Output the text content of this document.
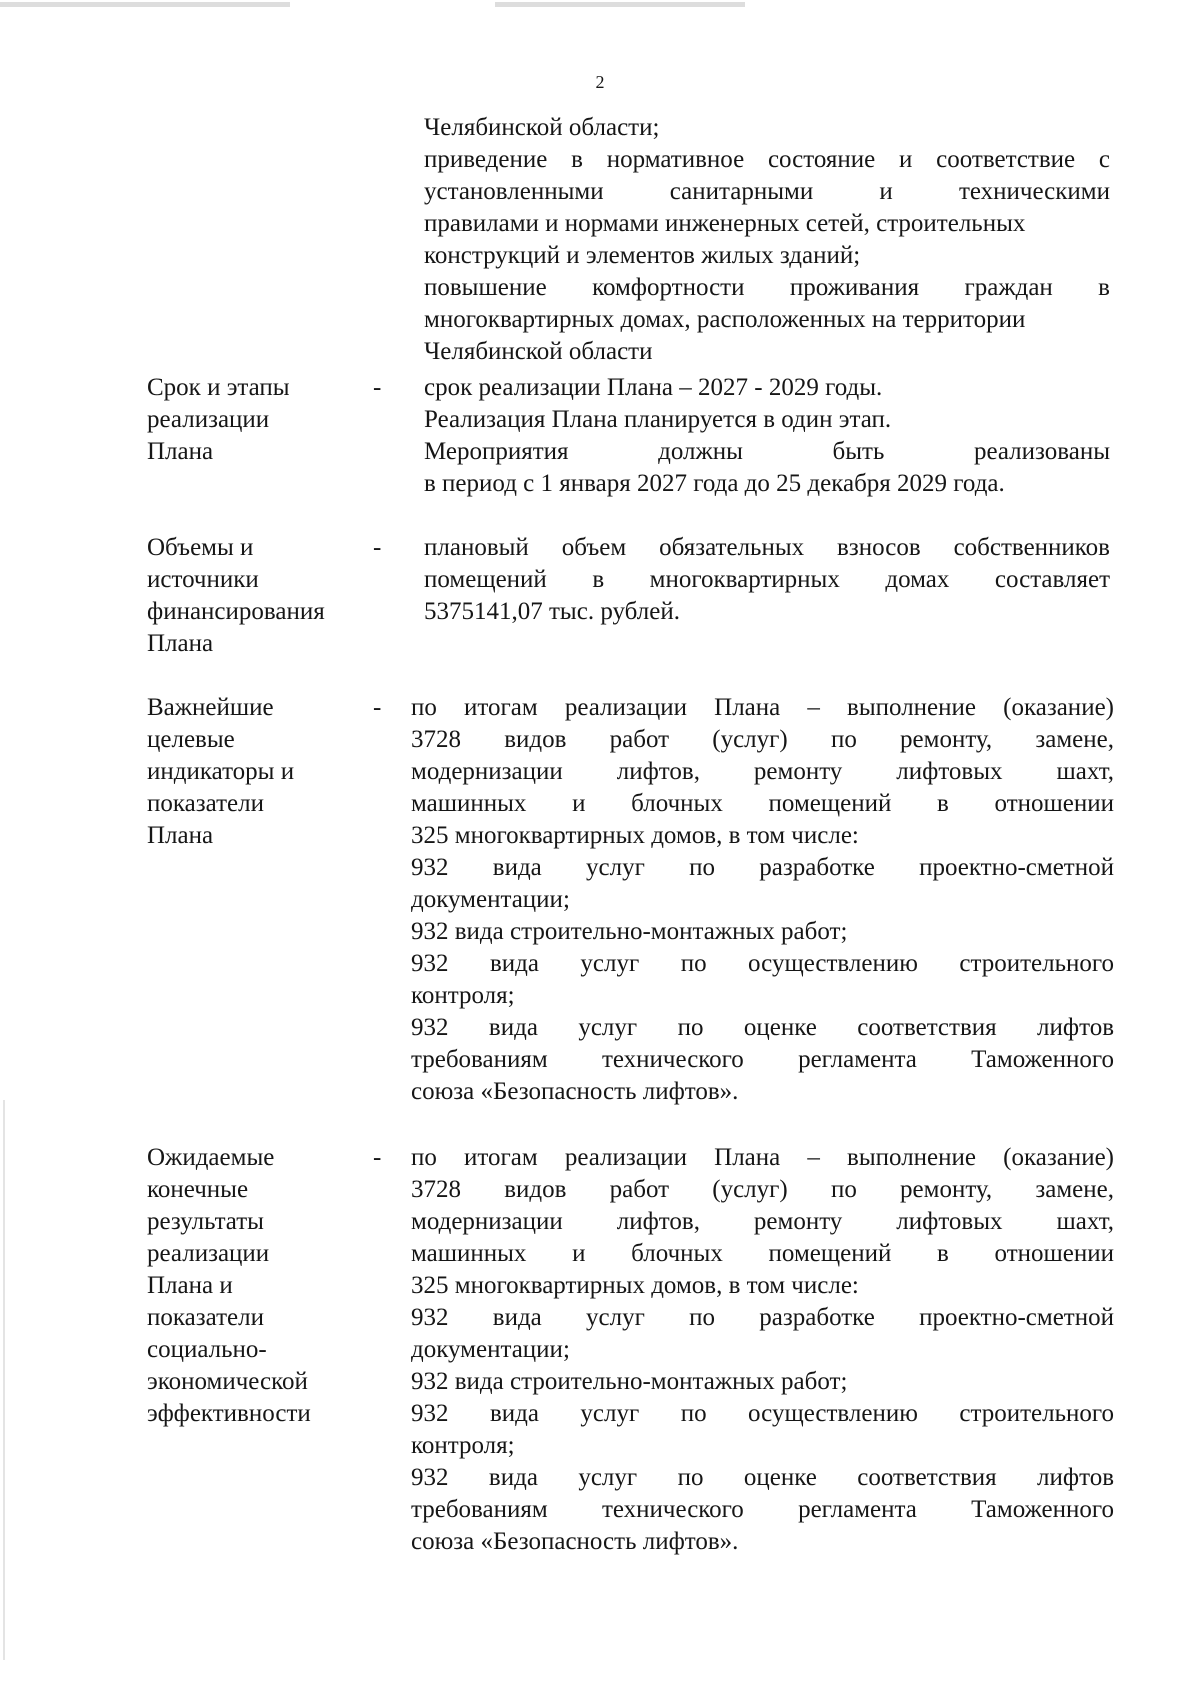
2
Челябинской области;
приведение в нормативное состояние и соответствие с
установленными санитарными и техническими
правилами и нормами инженерных сетей, строительных
конструкций и элементов жилых зданий;
повышение комфортности проживания граждан в
многоквартирных домах, расположенных на территории
Челябинской области
Срок и этапы
реализации
Плана
- срок реализации Плана – 2027 - 2029 годы.
Реализация Плана планируется в один этап.
Мероприятия должны быть реализованы
в период с 1 января 2027 года до 25 декабря 2029 года.
Объемы и
источники
финансирования
Плана
- плановый объем обязательных взносов собственников
помещений в многоквартирных домах составляет
5375141,07 тыс. рублей.
Важнейшие
целевые
индикаторы и
показатели
Плана
- по итогам реализации Плана – выполнение (оказание)
3728 видов работ (услуг) по ремонту, замене,
модернизации лифтов, ремонту лифтовых шахт,
машинных и блочных помещений в отношении
325 многоквартирных домов, в том числе:
932 вида услуг по разработке проектно-сметной
документации;
932 вида строительно-монтажных работ;
932 вида услуг по осуществлению строительного
контроля;
932 вида услуг по оценке соответствия лифтов
требованиям технического регламента Таможенного
союза «Безопасность лифтов».
Ожидаемые
конечные
результаты
реализации
Плана и
показатели
социально-
экономической
эффективности
- по итогам реализации Плана – выполнение (оказание)
3728 видов работ (услуг) по ремонту, замене,
модернизации лифтов, ремонту лифтовых шахт,
машинных и блочных помещений в отношении
325 многоквартирных домов, в том числе:
932 вида услуг по разработке проектно-сметной
документации;
932 вида строительно-монтажных работ;
932 вида услуг по осуществлению строительного
контроля;
932 вида услуг по оценке соответствия лифтов
требованиям технического регламента Таможенного
союза «Безопасность лифтов».
